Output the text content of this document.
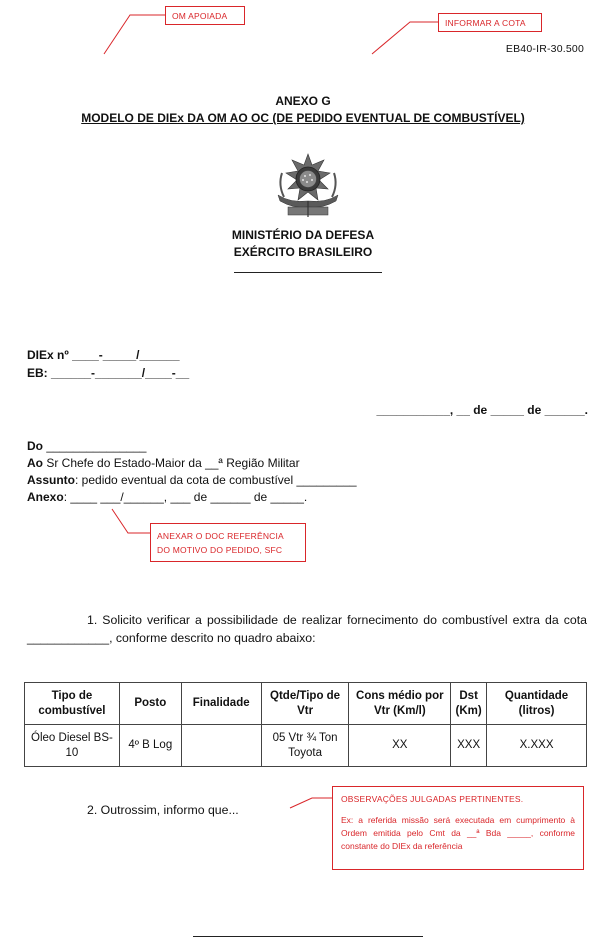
OM APOIADA
INFORMAR A COTA
EB40-IR-30.500
ANEXO G
MODELO DE DIEx DA OM AO OC (DE PEDIDO EVENTUAL DE COMBUSTÍVEL)
MINISTÉRIO DA DEFESA
EXÉRCITO BRASILEIRO
DIEx nº ____-_____/______
EB: ______-_______/____-__
___________, __ de _____ de ______.
Do _______________
Ao Sr Chefe do Estado-Maior da __ª Região Militar
Assunto: pedido eventual da cota de combustível _________
Anexo: ____ ___/______, ___ de ______ de _____.
ANEXAR O DOC REFERÊNCIA
DO MOTIVO DO PEDIDO, SFC
1. Solicito verificar a possibilidade de realizar fornecimento do combustível extra da cota ____________, conforme descrito no quadro abaixo:
Tipo de combustível	Posto	Finalidade	Qtde/Tipo de Vtr	Cons médio por Vtr (Km/l)	Dst (Km)	Quantidade (litros)
Óleo Diesel BS-10	4º B Log		05 Vtr ¾ Ton Toyota	XX	XXX	X.XXX
2. Outrossim, informo que...
OBSERVAÇÕES JULGADAS PERTINENTES.
Ex: a referida missão será executada em cumprimento à Ordem emitida pelo Cmt da __ª Bda _____, conforme constante do DIEx da referência
